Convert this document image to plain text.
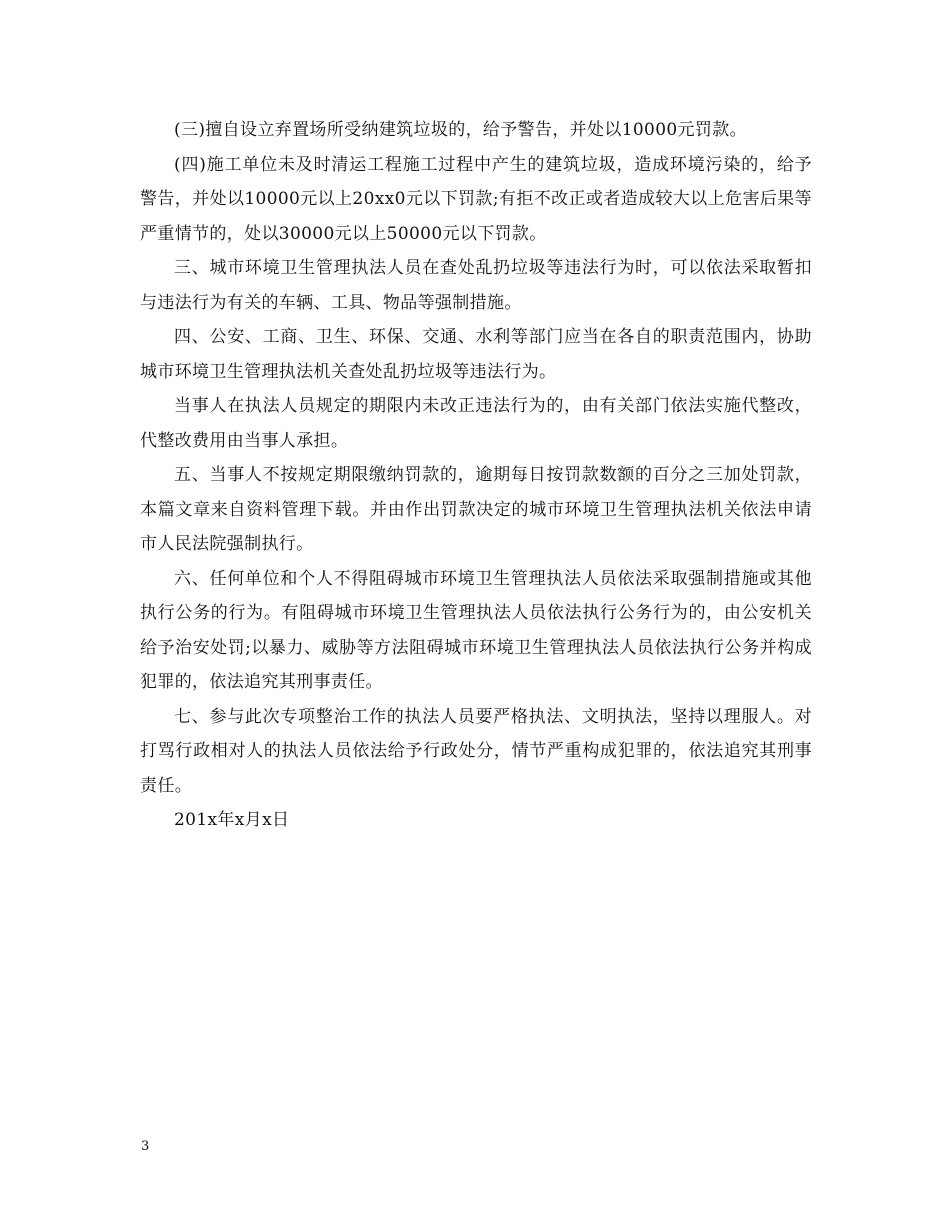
(三)擅自设立弃置场所受纳建筑垃圾的，给予警告，并处以10000元罚款。

(四)施工单位未及时清运工程施工过程中产生的建筑垃圾，造成环境污染的，给予警告，并处以10000元以上20xx0元以下罚款;有拒不改正或者造成较大以上危害后果等严重情节的，处以30000元以上50000元以下罚款。

三、城市环境卫生管理执法人员在查处乱扔垃圾等违法行为时，可以依法采取暂扣与违法行为有关的车辆、工具、物品等强制措施。

四、公安、工商、卫生、环保、交通、水利等部门应当在各自的职责范围内，协助城市环境卫生管理执法机关查处乱扔垃圾等违法行为。

当事人在执法人员规定的期限内未改正违法行为的，由有关部门依法实施代整改，代整改费用由当事人承担。

五、当事人不按规定期限缴纳罚款的，逾期每日按罚款数额的百分之三加处罚款，本篇文章来自资料管理下载。并由作出罚款决定的城市环境卫生管理执法机关依法申请市人民法院强制执行。

六、任何单位和个人不得阻碍城市环境卫生管理执法人员依法采取强制措施或其他执行公务的行为。有阻碍城市环境卫生管理执法人员依法执行公务行为的，由公安机关给予治安处罚;以暴力、威胁等方法阻碍城市环境卫生管理执法人员依法执行公务并构成犯罪的，依法追究其刑事责任。

七、参与此次专项整治工作的执法人员要严格执法、文明执法，坚持以理服人。对打骂行政相对人的执法人员依法给予行政处分，情节严重构成犯罪的，依法追究其刑事责任。

201x年x月x日

3
